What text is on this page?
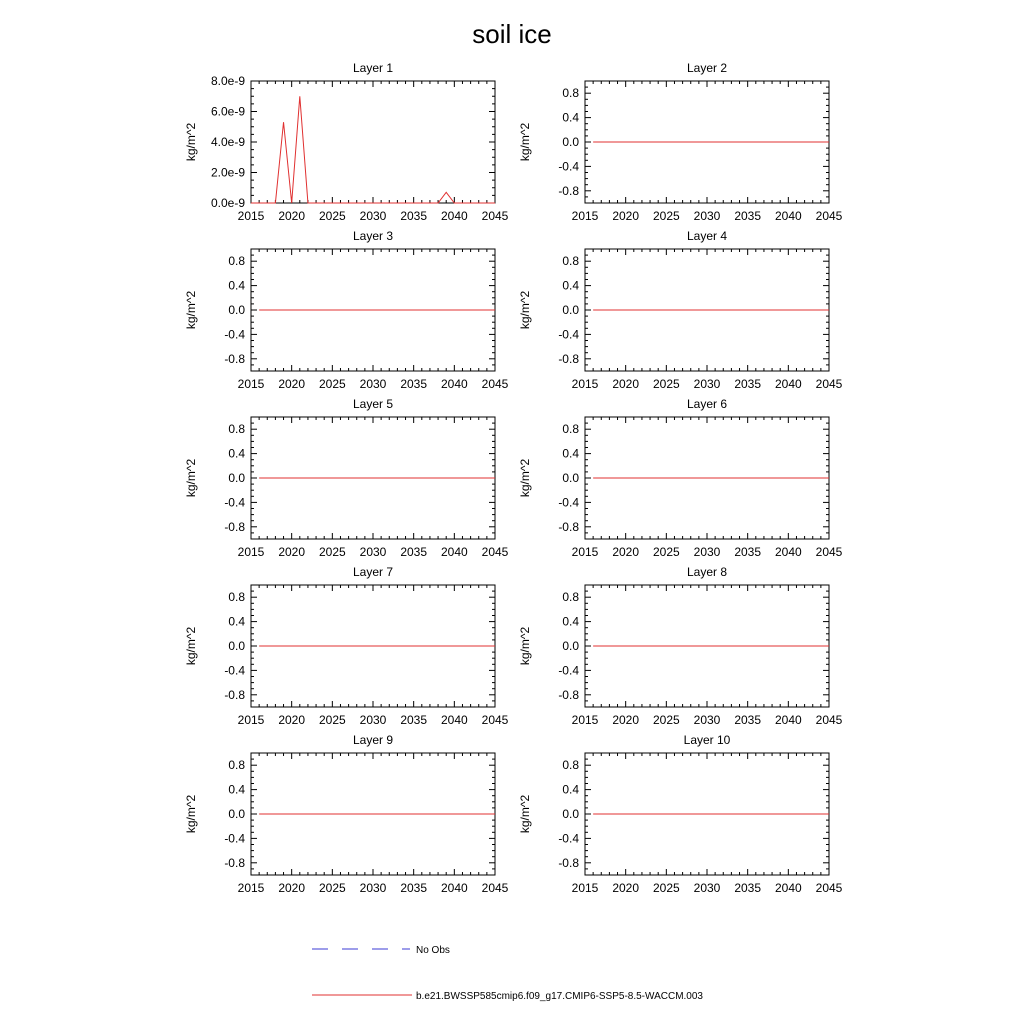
soil ice
Layer 1
kg/m^2
2015 2020 2025 2030 2035 2040 2045
0.0e-9
2.0e-9
4.0e-9
6.0e-9
8.0e-9
Layer 2
kg/m^2
2015 2020 2025 2030 2035 2040 2045
-0.8
-0.4
0.0
0.4
0.8
Layer 3
kg/m^2
2015 2020 2025 2030 2035 2040 2045
-0.8
-0.4
0.0
0.4
0.8
Layer 4
kg/m^2
2015 2020 2025 2030 2035 2040 2045
-0.8
-0.4
0.0
0.4
0.8
Layer 5
kg/m^2
2015 2020 2025 2030 2035 2040 2045
-0.8
-0.4
0.0
0.4
0.8
Layer 6
kg/m^2
2015 2020 2025 2030 2035 2040 2045
-0.8
-0.4
0.0
0.4
0.8
Layer 7
kg/m^2
2015 2020 2025 2030 2035 2040 2045
-0.8
-0.4
0.0
0.4
0.8
Layer 8
kg/m^2
2015 2020 2025 2030 2035 2040 2045
-0.8
-0.4
0.0
0.4
0.8
Layer 9
kg/m^2
2015 2020 2025 2030 2035 2040 2045
-0.8
-0.4
0.0
0.4
0.8
Layer 10
kg/m^2
2015 2020 2025 2030 2035 2040 2045
-0.8
-0.4
0.0
0.4
0.8
No Obs
b.e21.BWSSP585cmip6.f09_g17.CMIP6-SSP5-8.5-WACCM.003
